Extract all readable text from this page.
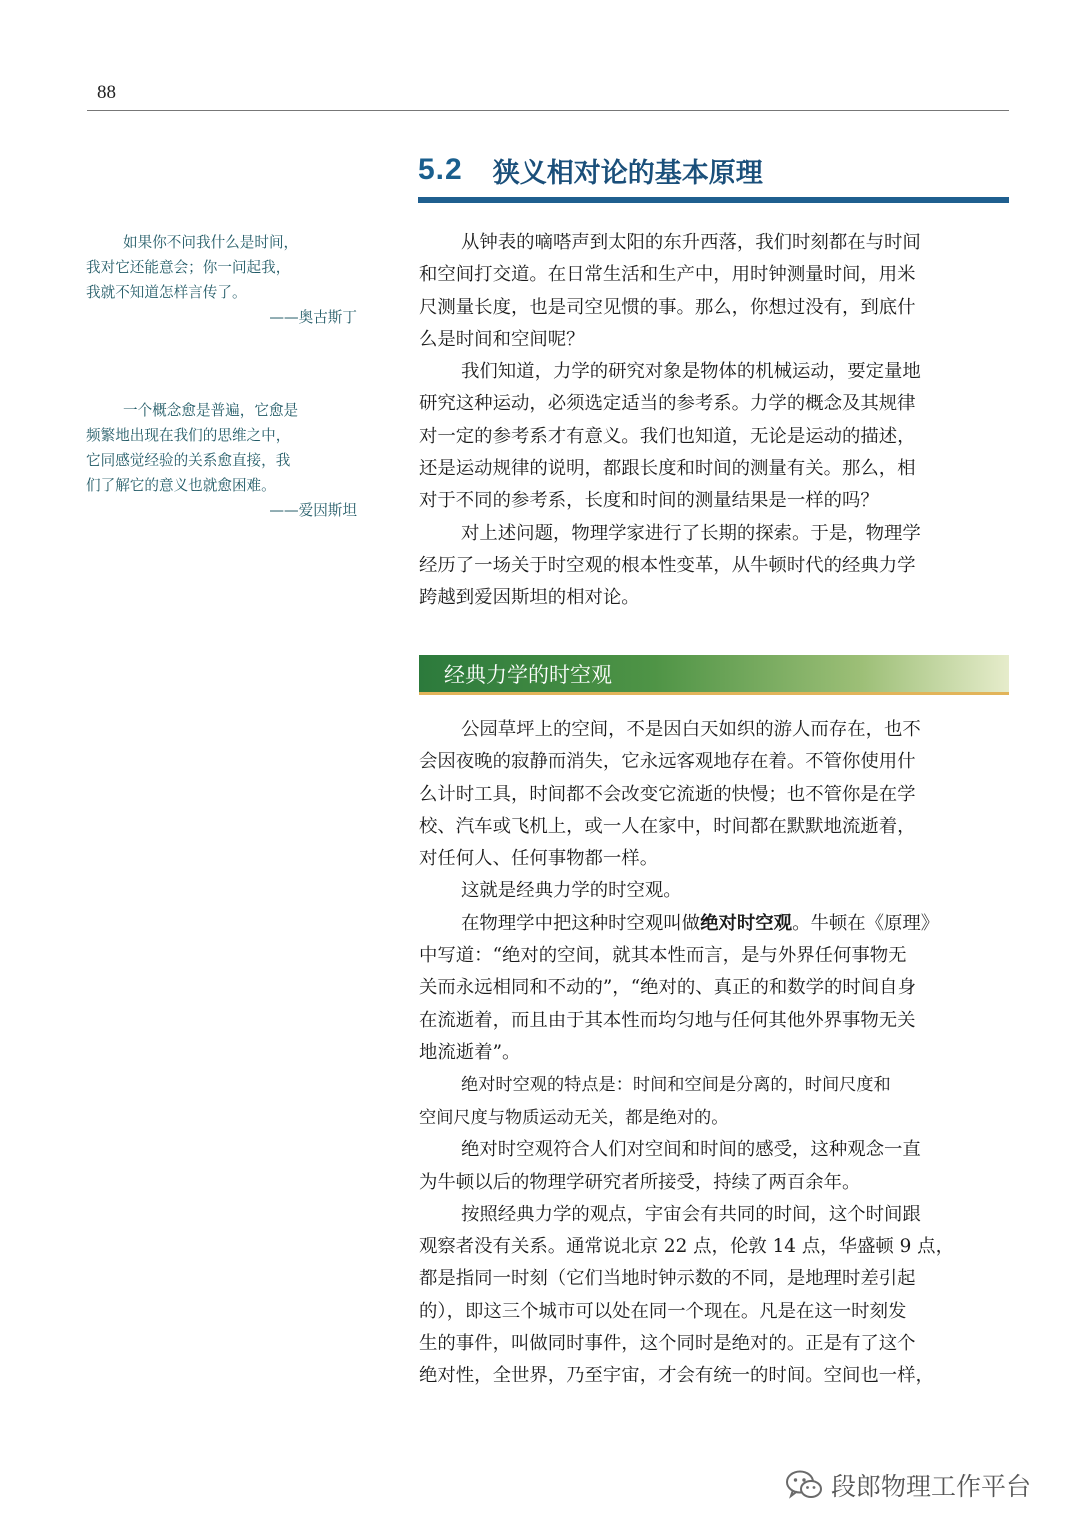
88
5.2 狭义相对论的基本原理

如果你不问我什么是时间，

我对它还能意会；你一问起我，

我就不知道怎样言传了。

——奥古斯丁

一个概念愈是普遍，它愈是

频繁地出现在我们的思维之中，

它同感觉经验的关系愈直接，我

们了解它的意义也就愈困难。

——爱因斯坦

从钟表的嘀嗒声到太阳的东升西落，我们时刻都在与时间

和空间打交道。在日常生活和生产中，用时钟测量时间，用米

尺测量长度，也是司空见惯的事。那么，你想过没有，到底什

么是时间和空间呢？

我们知道，力学的研究对象是物体的机械运动，要定量地

研究这种运动，必须选定适当的参考系。力学的概念及其规律

对一定的参考系才有意义。我们也知道，无论是运动的描述，

还是运动规律的说明，都跟长度和时间的测量有关。那么，相

对于不同的参考系，长度和时间的测量结果是一样的吗？

对上述问题，物理学家进行了长期的探索。于是，物理学

经历了一场关于时空观的根本性变革，从牛顿时代的经典力学

跨越到爱因斯坦的相对论。

经典力学的时空观

公园草坪上的空间，不是因白天如织的游人而存在，也不

会因夜晚的寂静而消失，它永远客观地存在着。不管你使用什

么计时工具，时间都不会改变它流逝的快慢；也不管你是在学

校、汽车或飞机上，或一人在家中，时间都在默默地流逝着，

对任何人、任何事物都一样。

这就是经典力学的时空观。

在物理学中把这种时空观叫做绝对时空观。牛顿在《原理》

中写道：“绝对的空间，就其本性而言，是与外界任何事物无

关而永远相同和不动的”，“绝对的、真正的和数学的时间自身

在流逝着，而且由于其本性而均匀地与任何其他外界事物无关

地流逝着”。

绝对时空观的特点是：时间和空间是分离的，时间尺度和

空间尺度与物质运动无关，都是绝对的。

绝对时空观符合人们对空间和时间的感受，这种观念一直

为牛顿以后的物理学研究者所接受，持续了两百余年。

按照经典力学的观点，宇宙会有共同的时间，这个时间跟

观察者没有关系。通常说北京 22 点，伦敦 14 点，华盛顿 9 点，

都是指同一时刻（它们当地时钟示数的不同，是地理时差引起

的），即这三个城市可以处在同一个现在。凡是在这一时刻发

生的事件，叫做同时事件，这个同时是绝对的。正是有了这个

绝对性，全世界，乃至宇宙，才会有统一的时间。空间也一样，

段郎物理工作平台
